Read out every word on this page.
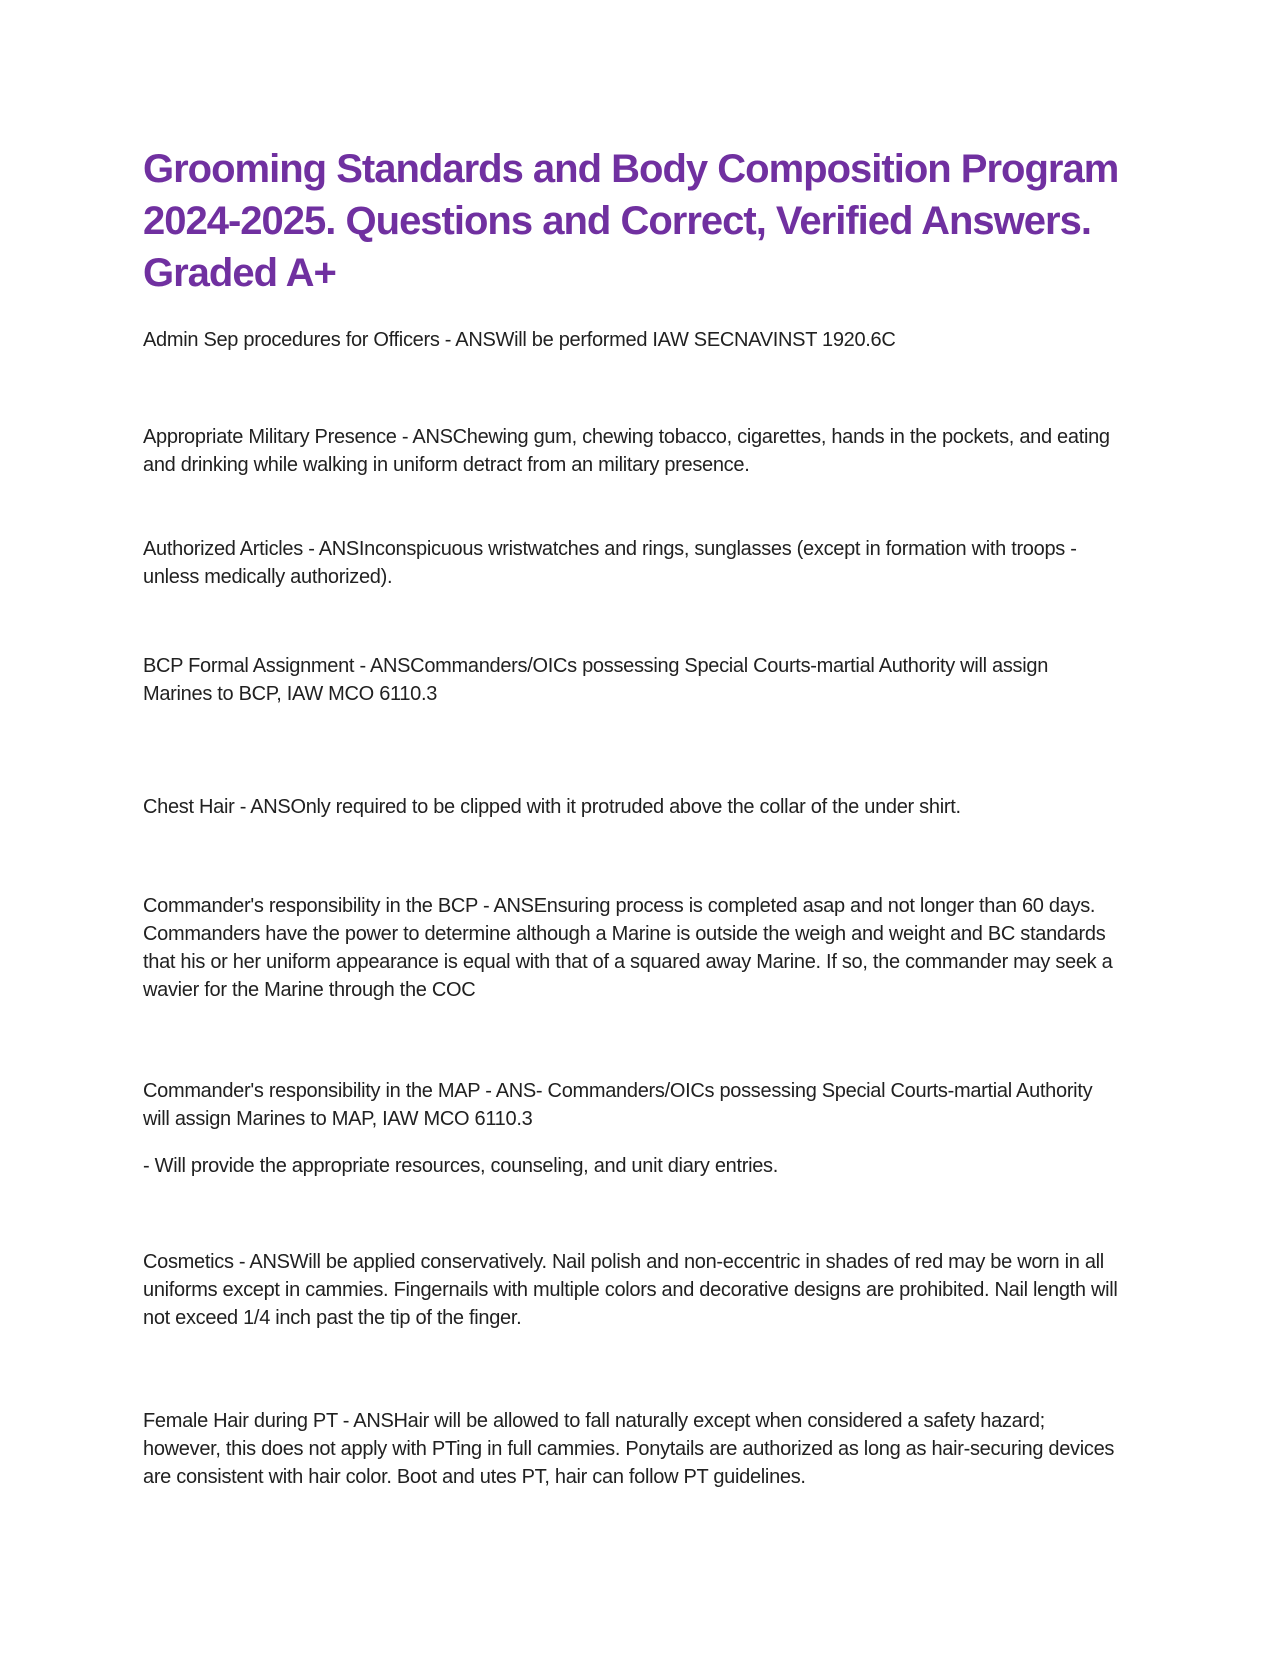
Grooming Standards and Body Composition Program
2024-2025. Questions and Correct, Verified Answers.
Graded A+

Admin Sep procedures for Officers - ANSWill be performed IAW SECNAVINST 1920.6C

Appropriate Military Presence - ANSChewing gum, chewing tobacco, cigarettes, hands in the pockets, and eating and drinking while walking in uniform detract from an military presence.

Authorized Articles - ANSInconspicuous wristwatches and rings, sunglasses (except in formation with troops - unless medically authorized).

BCP Formal Assignment - ANSCommanders/OICs possessing Special Courts-martial Authority will assign Marines to BCP, IAW MCO 6110.3

Chest Hair - ANSOnly required to be clipped with it protruded above the collar of the under shirt.

Commander's responsibility in the BCP - ANSEnsuring process is completed asap and not longer than 60 days. Commanders have the power to determine although a Marine is outside the weigh and weight and BC standards that his or her uniform appearance is equal with that of a squared away Marine. If so, the commander may seek a wavier for the Marine through the COC

Commander's responsibility in the MAP - ANS- Commanders/OICs possessing Special Courts-martial Authority will assign Marines to MAP, IAW MCO 6110.3

- Will provide the appropriate resources, counseling, and unit diary entries.

Cosmetics - ANSWill be applied conservatively. Nail polish and non-eccentric in shades of red may be worn in all uniforms except in cammies. Fingernails with multiple colors and decorative designs are prohibited. Nail length will not exceed 1/4 inch past the tip of the finger.

Female Hair during PT - ANSHair will be allowed to fall naturally except when considered a safety hazard; however, this does not apply with PTing in full cammies. Ponytails are authorized as long as hair-securing devices are consistent with hair color. Boot and utes PT, hair can follow PT guidelines.
